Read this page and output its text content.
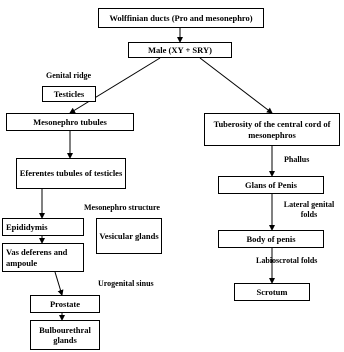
Wolffinian ducts (Pro and mesonephro)
Male (XY + SRY)
Genital ridge
Testicles
Mesonephro tubules
Eferentes tubules of testicles
Mesonephro structure
Epididymis
Vesicular glands
Vas deferens and ampoule
Urogenital sinus
Prostate
Bulbourethral glands
Tuberosity of the central cord of mesonephros
Phallus
Glans of Penis
Lateral genital folds
Body of penis
Labioscrotal folds
Scrotum
